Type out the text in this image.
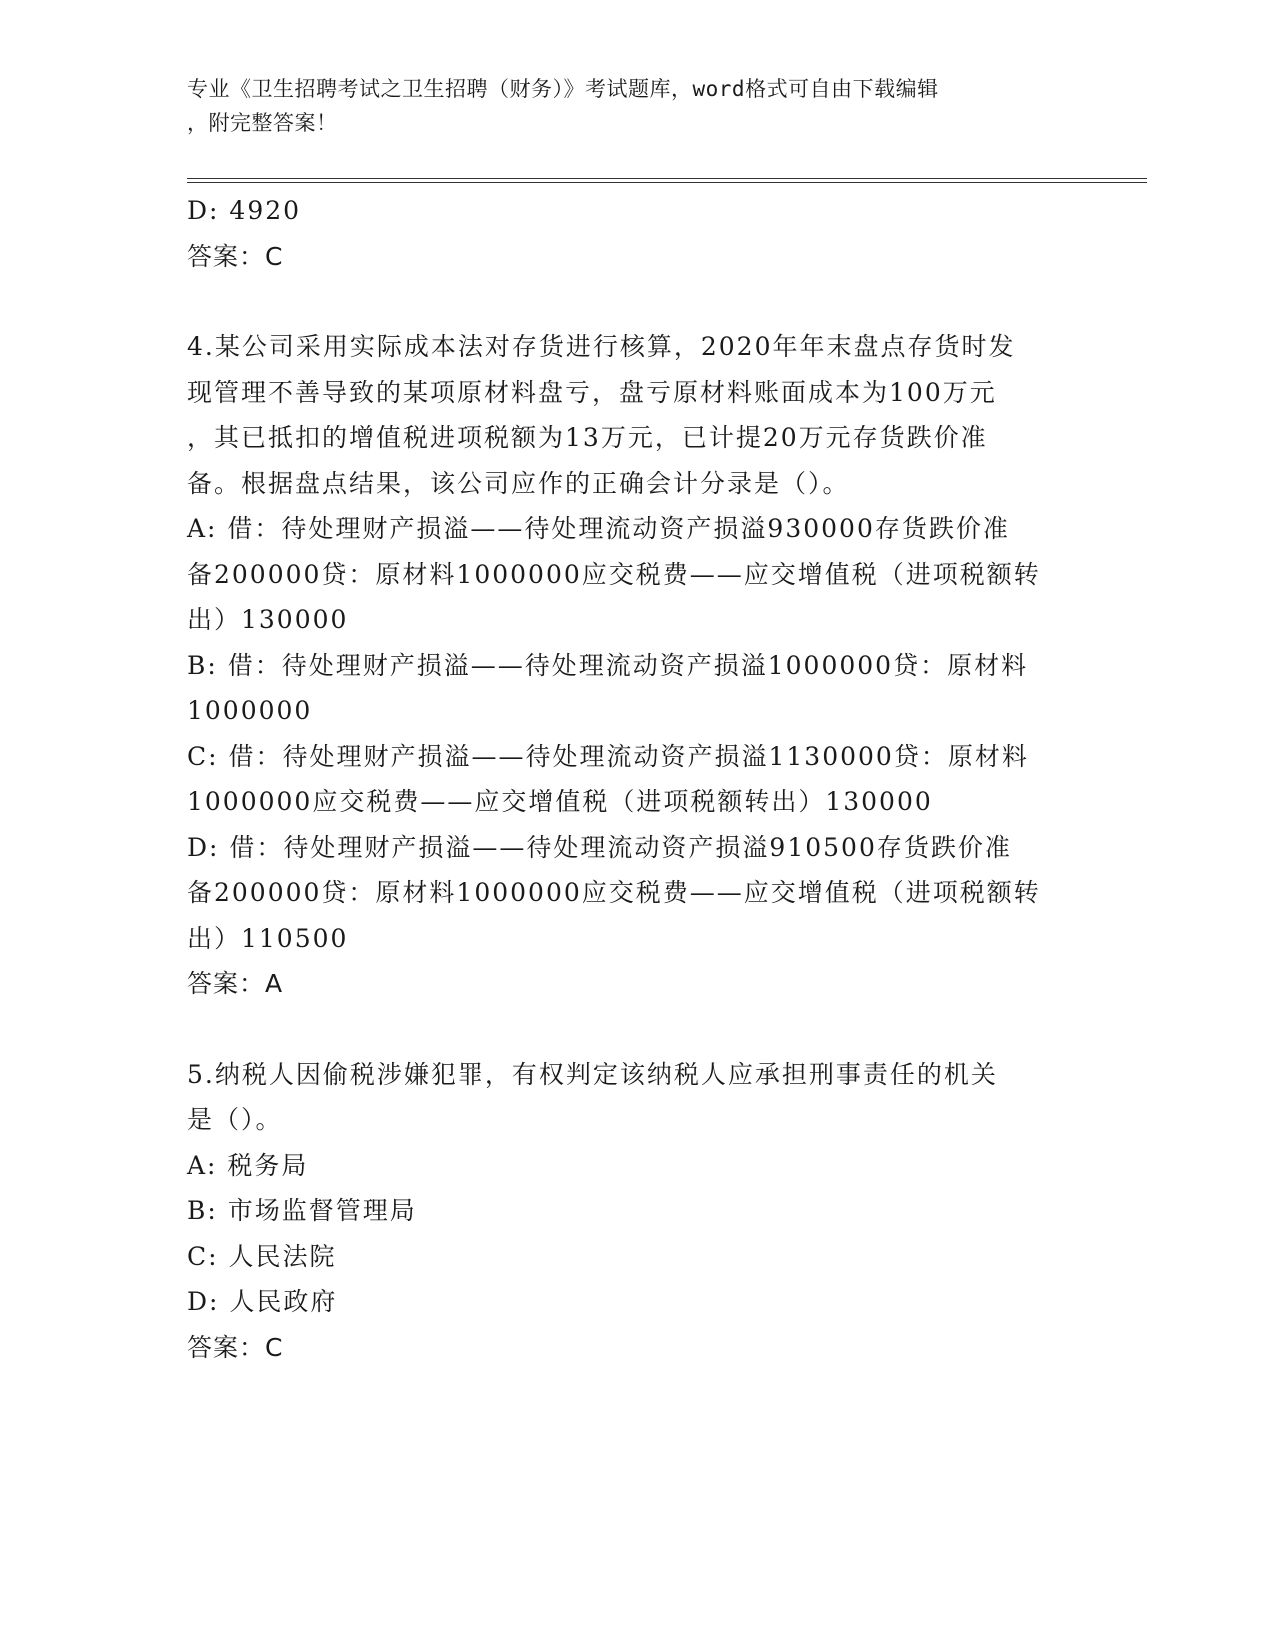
专业《卫生招聘考试之卫生招聘（财务）》考试题库，word格式可自由下载编辑
，附完整答案！
D: 4920
答案：C
4.某公司采用实际成本法对存货进行核算，2020年年末盘点存货时发
现管理不善导致的某项原材料盘亏，盘亏原材料账面成本为100万元
，其已抵扣的增值税进项税额为13万元，已计提20万元存货跌价准
备。根据盘点结果，该公司应作的正确会计分录是（）。
A: 借：待处理财产损溢——待处理流动资产损溢930000存货跌价准
备200000贷：原材料1000000应交税费——应交增值税（进项税额转
出）130000
B: 借：待处理财产损溢——待处理流动资产损溢1000000贷：原材料
1000000
C: 借：待处理财产损溢——待处理流动资产损溢1130000贷：原材料
1000000应交税费——应交增值税（进项税额转出）130000
D: 借：待处理财产损溢——待处理流动资产损溢910500存货跌价准
备200000贷：原材料1000000应交税费——应交增值税（进项税额转
出）110500
答案：A
5.纳税人因偷税涉嫌犯罪，有权判定该纳税人应承担刑事责任的机关
是（）。
A: 税务局
B: 市场监督管理局
C: 人民法院
D: 人民政府
答案：C
